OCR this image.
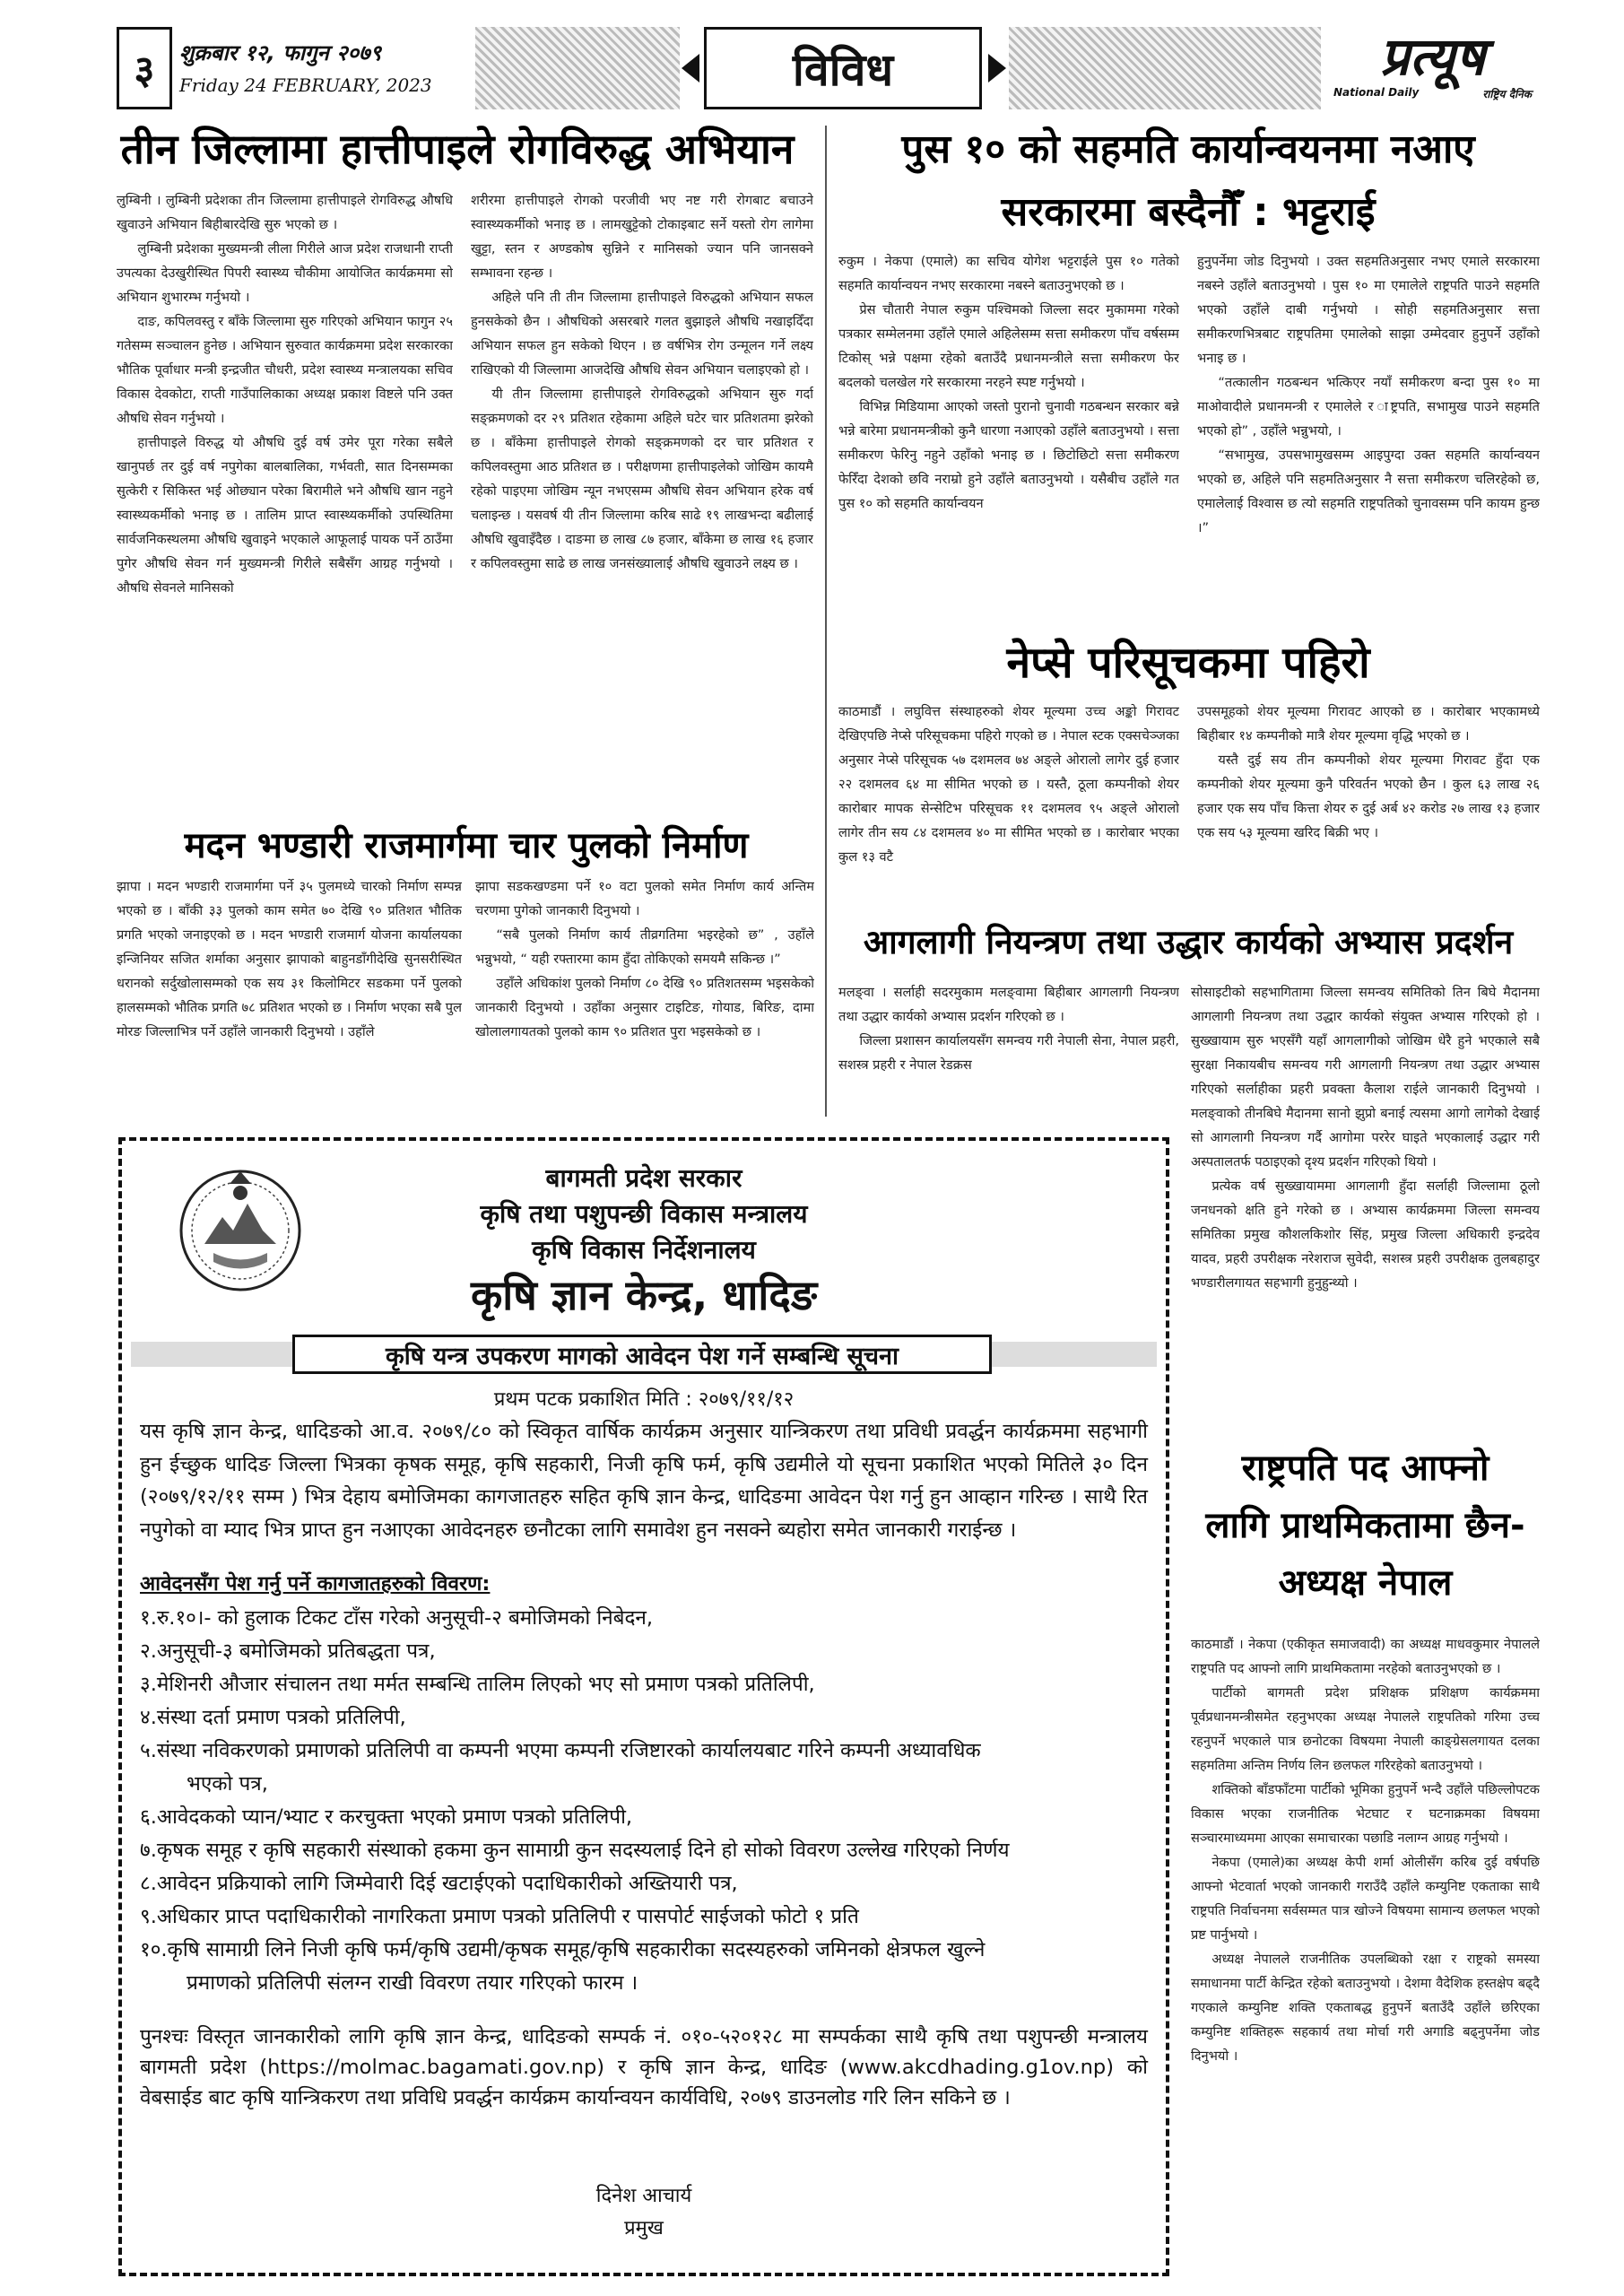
३	शुक्रबार १२, फागुन २०७९
Friday 24 FEBRUARY, 2023	विविध	प्रत्यूष
National Daily	राष्ट्रिय दैनिक
तीन जिल्लामा हात्तीपाइले रोगविरुद्ध अभियान

लुम्बिनी । लुम्बिनी प्रदेशका तीन जिल्लामा हात्तीपाइले रोगविरुद्ध औषधि खुवाउने अभियान बिहीबारदेखि सुरु भएको छ ।

लुम्बिनी प्रदेशका मुख्यमन्त्री लीला गिरीले आज प्रदेश राजधानी राप्ती उपत्यका देउखुरीस्थित पिपरी स्वास्थ्य चौकीमा आयोजित कार्यक्रममा सो अभियान शुभारम्भ गर्नुभयो ।

दाङ, कपिलवस्तु र बाँके जिल्लामा सुरु गरिएको अभियान फागुन २५ गतेसम्म सञ्चालन हुनेछ । अभियान सुरुवात कार्यक्रममा प्रदेश सरकारका भौतिक पूर्वाधार मन्त्री इन्द्रजीत चौधरी, प्रदेश स्वास्थ्य मन्त्रालयका सचिव विकास देवकोटा, राप्ती गाउँपालिकाका अध्यक्ष प्रकाश विष्टले पनि उक्त औषधि सेवन गर्नुभयो ।

हात्तीपाइले विरुद्ध यो औषधि दुई वर्ष उमेर पूरा गरेका सबैले खानुपर्छ तर दुई वर्ष नपुगेका बालबालिका, गर्भवती, सात दिनसम्मका सुत्केरी र सिकिस्त भई ओछ्यान परेका बिरामीले भने औषधि खान नहुने स्वास्थ्यकर्मीको भनाइ छ । तालिम प्राप्त स्वास्थ्यकर्मीको उपस्थितिमा सार्वजनिकस्थलमा औषधि खुवाइने भएकाले आफूलाई पायक पर्ने ठाउँमा पुगेर औषधि सेवन गर्न मुख्यमन्त्री गिरीले सबैसँग आग्रह गर्नुभयो । औषधि सेवनले मानिसको

शरीरमा हात्तीपाइले रोगको परजीवी भए नष्ट गरी रोगबाट बचाउने स्वास्थ्यकर्मीको भनाइ छ । लामखुट्टेको टोकाइबाट सर्ने यस्तो रोग लागेमा खुट्टा, स्तन र अण्डकोष सुन्निने र मानिसको ज्यान पनि जानसक्ने सम्भावना रहन्छ ।

अहिले पनि ती तीन जिल्लामा हात्तीपाइले विरुद्धको अभियान सफल हुनसकेको छैन । औषधिको असरबारे गलत बुझाइले औषधि नखाइदिँदा अभियान सफल हुन सकेको थिएन । छ वर्षभित्र रोग उन्मूलन गर्ने लक्ष्य राखिएको यी जिल्लामा आजदेखि औषधि सेवन अभियान चलाइएको हो ।

यी तीन जिल्लामा हात्तीपाइले रोगविरुद्धको अभियान सुरु गर्दा सङ्क्रमणको दर २९ प्रतिशत रहेकामा अहिले घटेर चार प्रतिशतमा झरेको छ । बाँकेमा हात्तीपाइले रोगको सङ्क्रमणको दर चार प्रतिशत र कपिलवस्तुमा आठ प्रतिशत छ । परीक्षणमा हात्तीपाइलेको जोखिम कायमै रहेको पाइएमा जोखिम न्यून नभएसम्म औषधि सेवन अभियान हरेक वर्ष चलाइन्छ । यसवर्ष यी तीन जिल्लामा करिब साढे १९ लाखभन्दा बढीलाई औषधि खुवाइँदैछ । दाङमा छ लाख ८७ हजार, बाँकेमा छ लाख १६ हजार र कपिलवस्तुमा साढे छ लाख जनसंख्यालाई औषधि खुवाउने लक्ष्य छ ।

मदन भण्डारी राजमार्गमा चार पुलको निर्माण

झापा । मदन भण्डारी राजमार्गमा पर्ने ३५ पुलमध्ये चारको निर्माण सम्पन्न भएको छ । बाँकी ३३ पुलको काम समेत ७० देखि ९० प्रतिशत भौतिक प्रगति भएको जनाइएको छ । मदन भण्डारी राजमार्ग योजना कार्यालयका इन्जिनियर सजित शर्माका अनुसार झापाको बाहुनडाँगीदेखि सुनसरीस्थित धरानको सर्दुखोलासम्मको एक सय ३१ किलोमिटर सडकमा पर्ने पुलको हालसम्मको भौतिक प्रगति ७८ प्रतिशत भएको छ । निर्माण भएका सबै पुल मोरङ जिल्लाभित्र पर्ने उहाँले जानकारी दिनुभयो । उहाँले

झापा सडकखण्डमा पर्ने १० वटा पुलको समेत निर्माण कार्य अन्तिम चरणमा पुगेको जानकारी दिनुभयो ।

“सबै पुलको निर्माण कार्य तीव्रगतिमा भइरहेको छ” , उहाँले भन्नुभयो, “ यही रफ्तारमा काम हुँदा तोकिएको समयमै सकिन्छ ।”

उहाँले अधिकांश पुलको निर्माण ८० देखि ९० प्रतिशतसम्म भइसकेको जानकारी दिनुभयो । उहाँका अनुसार टाइटिङ, गोयाड, बिरिङ, दामा खोलालगायतको पुलको काम ९० प्रतिशत पुरा भइसकेको छ ।

पुस १० को सहमति कार्यान्वयनमा नआए
सरकारमा बस्दैनौँ : भट्टराई

रुकुम । नेकपा (एमाले) का सचिव योगेश भट्टराईले पुस १० गतेको सहमति कार्यान्वयन नभए सरकारमा नबस्ने बताउनुभएको छ ।

प्रेस चौतारी नेपाल रुकुम पश्चिमको जिल्ला सदर मुकाममा गरेको पत्रकार सम्मेलनमा उहाँले एमाले अहिलेसम्म सत्ता समीकरण पाँच वर्षसम्म टिकोस् भन्ने पक्षमा रहेको बताउँदै प्रधानमन्त्रीले सत्ता समीकरण फेर बदलको चलखेल गरे सरकारमा नरहने स्पष्ट गर्नुभयो ।

विभिन्न मिडियामा आएको जस्तो पुरानो चुनावी गठबन्धन सरकार बन्ने भन्ने बारेमा प्रधानमन्त्रीको कुनै धारणा नआएको उहाँले बताउनुभयो । सत्ता समीकरण फेरिनु नहुने उहाँको भनाइ छ । छिटोछिटो सत्ता समीकरण फेरिँदा देशको छवि नराम्रो हुने उहाँले बताउनुभयो । यसैबीच उहाँले गत पुस १० को सहमति कार्यान्वयन

हुनुपर्नेमा जोड दिनुभयो । उक्त सहमतिअनुसार नभए एमाले सरकारमा नबस्ने उहाँले बताउनुभयो । पुस १० मा एमालेले राष्ट्रपति पाउने सहमति भएको उहाँले दाबी गर्नुभयो । सोही सहमतिअनुसार सत्ता समीकरणभित्रबाट राष्ट्रपतिमा एमालेको साझा उम्मेदवार हुनुपर्ने उहाँको भनाइ छ ।

“तत्कालीन गठबन्धन भत्किएर नयाँ समीकरण बन्दा पुस १० मा माओवादीले प्रधानमन्त्री र एमालेले र ाष्ट्रपति, सभामुख पाउने सहमति भएको हो” , उहाँले भन्नुभयो, ।

“सभामुख, उपसभामुखसम्म आइपुग्दा उक्त सहमति कार्यान्वयन भएको छ, अहिले पनि सहमतिअनुसार नै सत्ता समीकरण चलिरहेको छ, एमालेलाई विश्वास छ त्यो सहमति राष्ट्रपतिको चुनावसम्म पनि कायम हुन्छ ।”

नेप्से परिसूचकमा पहिरो

काठमाडौं । लघुवित्त संस्थाहरुको शेयर मूल्यमा उच्च अङ्को गिरावट देखिएपछि नेप्से परिसूचकमा पहिरो गएको छ । नेपाल स्टक एक्सचेञ्जका अनुसार नेप्से परिसूचक ५७ दशमलव ७४ अङ्ले ओरालो लागेर दुई हजार २२ दशमलव ६४ मा सीमित भएको छ । यस्तै, ठूला कम्पनीको शेयर कारोबार मापक सेन्सेटिभ परिसूचक ११ दशमलव ९५ अङ्ले ओरालो लागेर तीन सय ८४ दशमलव ४० मा सीमित भएको छ । कारोबार भएका कुल १३ वटै

उपसमूहको शेयर मूल्यमा गिरावट आएको छ । कारोबार भएकामध्ये बिहीबार १४ कम्पनीको मात्रै शेयर मूल्यमा वृद्धि भएको छ ।

यस्तै दुई सय तीन कम्पनीको शेयर मूल्यमा गिरावट हुँदा एक कम्पनीको शेयर मूल्यमा कुनै परिवर्तन भएको छैन । कुल ६३ लाख २६ हजार एक सय पाँच कित्ता शेयर रु दुई अर्ब ४२ करोड २७ लाख १३ हजार एक सय ५३ मूल्यमा खरिद बिक्री भए ।

आगलागी नियन्त्रण तथा उद्धार कार्यको अभ्यास प्रदर्शन

मलङ्वा । सर्लाही सदरमुकाम मलङ्वामा बिहीबार आगलागी नियन्त्रण तथा उद्धार कार्यको अभ्यास प्रदर्शन गरिएको छ ।

जिल्ला प्रशासन कार्यालयसँग समन्वय गरी नेपाली सेना, नेपाल प्रहरी, सशस्त्र प्रहरी र नेपाल रेडक्रस

सोसाइटीको सहभागितामा जिल्ला समन्वय समितिको तिन बिघे मैदानमा आगलागी नियन्त्रण तथा उद्धार कार्यको संयुक्त अभ्यास गरिएको हो । सुख्खायाम सुरु भएसँगै यहाँ आगलागीको जोखिम धेरै हुने भएकाले सबै सुरक्षा निकायबीच समन्वय गरी आगलागी नियन्त्रण तथा उद्धार अभ्यास गरिएको सर्लाहीका प्रहरी प्रवक्ता कैलाश राईले जानकारी दिनुभयो । मलङ्वाको तीनबिघे मैदानमा सानो झुप्रो बनाई त्यसमा आगो लागेको देखाई सो आगलागी नियन्त्रण गर्दै आगोमा पररेर घाइते भएकालाई उद्धार गरी अस्पतालतर्फ पठाइएको दृश्य प्रदर्शन गरिएको थियो ।

प्रत्येक वर्ष सुख्खायाममा आगलागी हुँदा सर्लाही जिल्लामा ठूलो जनधनको क्षति हुने गरेको छ । अभ्यास कार्यक्रममा जिल्ला समन्वय समितिका प्रमुख कौशलकिशोर सिंह, प्रमुख जिल्ला अधिकारी इन्द्रदेव यादव, प्रहरी उपरीक्षक नरेशराज सुवेदी, सशस्त्र प्रहरी उपरीक्षक तुलबहादुर भण्डारीलगायत सहभागी हुनुहुन्थ्यो ।

राष्ट्रपति पद आफ्नो
लागि प्राथमिकतामा छैन-
अध्यक्ष नेपाल

काठमाडौं । नेकपा (एकीकृत समाजवादी) का अध्यक्ष माधवकुमार नेपालले राष्ट्रपति पद आफ्नो लागि प्राथमिकतामा नरहेको बताउनुभएको छ ।

पार्टीको बागमती प्रदेश प्रशिक्षक प्रशिक्षण कार्यक्रममा पूर्वप्रधानमन्त्रीसमेत रहनुभएका अध्यक्ष नेपालले राष्ट्रपतिको गरिमा उच्च रहनुपर्ने भएकाले पात्र छनोटका विषयमा नेपाली काङ्ग्रेसलगायत दलका सहमतिमा अन्तिम निर्णय लिन छलफल गरिरहेको बताउनुभयो ।

शक्तिको बाँडफाँटमा पार्टीको भूमिका हुनुपर्ने भन्दै उहाँले पछिल्लोपटक विकास भएका राजनीतिक भेटघाट र घटनाक्रमका विषयमा सञ्चारमाध्यममा आएका समाचारका पछाडि नलाग्न आग्रह गर्नुभयो ।

नेकपा (एमाले)का अध्यक्ष केपी शर्मा ओलीसँग करिब दुई वर्षपछि आफ्नो भेटवार्ता भएको जानकारी गराउँदै उहाँले कम्युनिष्ट एकताका साथै राष्ट्रपति निर्वाचनमा सर्वसम्मत पात्र खोज्ने विषयमा सामान्य छलफल भएको प्रष्ट पार्नुभयो ।

अध्यक्ष नेपालले राजनीतिक उपलब्धिको रक्षा र राष्ट्रको समस्या समाधानमा पार्टी केन्द्रित रहेको बताउनुभयो । देशमा वैदेशिक हस्तक्षेप बढ्दै गएकाले कम्युनिष्ट शक्ति एकताबद्ध हुनुपर्ने बताउँदै उहाँले छरिएका कम्युनिष्ट शक्तिहरू सहकार्य तथा मोर्चा गरी अगाडि बढ्नुपर्नेमा जोड दिनुभयो ।

बागमती प्रदेश सरकार
कृषि तथा पशुपन्छी विकास मन्त्रालय
कृषि विकास निर्देशनालय
कृषि ज्ञान केन्द्र, धादिङ
कृषि यन्त्र उपकरण मागको आवेदन पेश गर्ने सम्बन्धि सूचना
प्रथम पटक प्रकाशित मिति : २०७९/११/१२
यस कृषि ज्ञान केन्द्र, धादिङको आ.व. २०७९/८० को स्विकृत वार्षिक कार्यक्रम अनुसार यान्त्रिकरण तथा प्रविधी प्रवर्द्धन कार्यक्रममा सहभागी हुन ईच्छुक धादिङ जिल्ला भित्रका कृषक समूह, कृषि सहकारी, निजी कृषि फर्म, कृषि उद्यमीले यो सूचना प्रकाशित भएको मितिले ३० दिन (२०७९/१२/११ सम्म ) भित्र देहाय बमोजिमका कागजातहरु सहित कृषि ज्ञान केन्द्र, धादिङमा आवेदन पेश गर्नु हुन आव्हान गरिन्छ । साथै रित नपुगेको वा म्याद भित्र प्राप्त हुन नआएका आवेदनहरु छनौटका लागि समावेश हुन नसक्ने ब्यहोरा समेत जानकारी गराईन्छ ।
आवेदनसँग पेश गर्नु पर्ने कागजातहरुको विवरण:
१.रु.१०।- को हुलाक टिकट टाँस गरेको अनुसूची-२ बमोजिमको निबेदन,
२.अनुसूची-३ बमोजिमको प्रतिबद्धता पत्र,
३.मेशिनरी औजार संचालन तथा मर्मत सम्बन्धि तालिम लिएको भए सो प्रमाण पत्रको प्रतिलिपी,
४.संस्था दर्ता प्रमाण पत्रको प्रतिलिपी,
५.संस्था नविकरणको प्रमाणको प्रतिलिपी वा कम्पनी भएमा कम्पनी रजिष्टारको कार्यालयबाट गरिने कम्पनी अध्यावधिक
भएको पत्र,
६.आवेदकको प्यान/भ्याट र करचुक्ता भएको प्रमाण पत्रको प्रतिलिपी,
७.कृषक समूह र कृषि सहकारी संस्थाको हकमा कुन सामाग्री कुन सदस्यलाई दिने हो सोको विवरण उल्लेख गरिएको निर्णय
८.आवेदन प्रक्रियाको लागि जिम्मेवारी दिई खटाईएको पदाधिकारीको अख्तियारी पत्र,
९.अधिकार प्राप्त पदाधिकारीको नागरिकता प्रमाण पत्रको प्रतिलिपी र पासपोर्ट साईजको फोटो १ प्रति
१०.कृषि सामाग्री लिने निजी कृषि फर्म/कृषि उद्यमी/कृषक समूह/कृषि सहकारीका सदस्यहरुको जमिनको क्षेत्रफल खुल्ने
प्रमाणको प्रतिलिपी संलग्न राखी विवरण तयार गरिएको फारम ।
पुनश्चः विस्तृत जानकारीको लागि कृषि ज्ञान केन्द्र, धादिङको सम्पर्क नं. ०१०-५२०१२८ मा सम्पर्कका साथै कृषि तथा पशुपन्छी मन्त्रालय बागमती प्रदेश (https://molmac.bagamati.gov.np) र कृषि ज्ञान केन्द्र, धादिङ (www.akcdhading.g1ov.np) को वेबसाईड बाट कृषि यान्त्रिकरण तथा प्रविधि प्रवर्द्धन कार्यक्रम कार्यान्वयन कार्यविधि, २०७९ डाउनलोड गरि लिन सकिने छ ।
दिनेश आचार्य
प्रमुख
